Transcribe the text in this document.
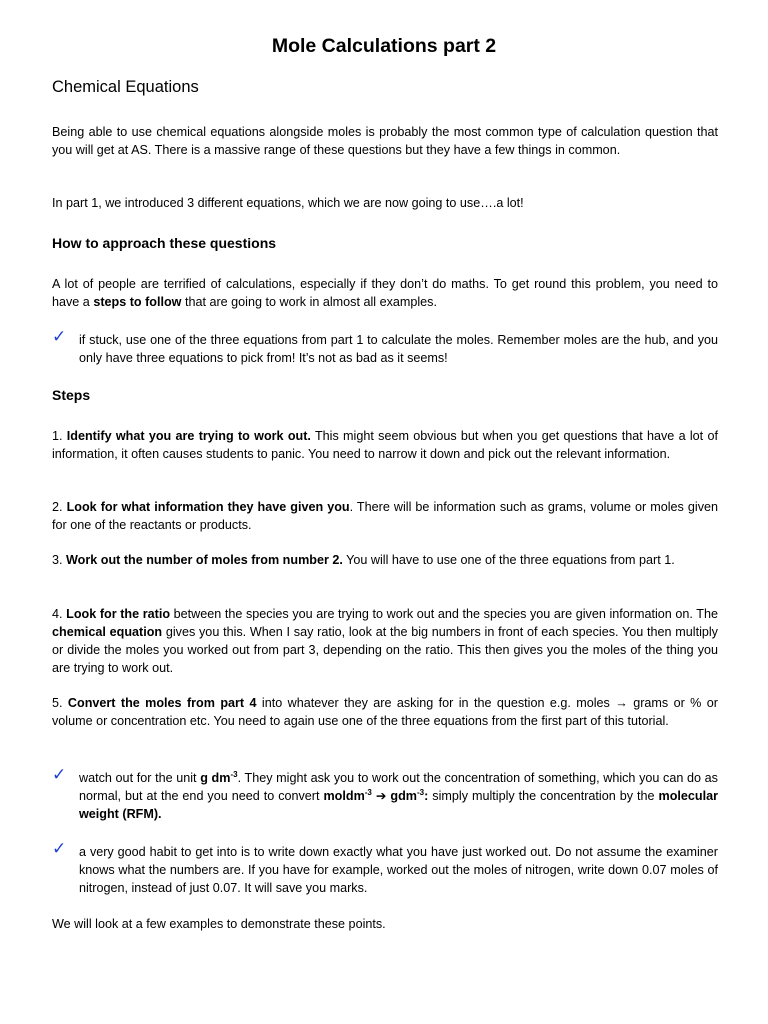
Mole Calculations part 2
Chemical Equations

Being able to use chemical equations alongside moles is probably the most common type of calculation question that you will get at AS. There is a massive range of these questions but they have a few things in common.

In part 1, we introduced 3 different equations, which we are now going to use….a lot!

How to approach these questions

A lot of people are terrified of calculations, especially if they don’t do maths. To get round this problem, you need to have a steps to follow that are going to work in almost all examples.

✓ if stuck, use one of the three equations from part 1 to calculate the moles. Remember moles are the hub, and you only have three equations to pick from! It’s not as bad as it seems!

Steps

1. Identify what you are trying to work out. This might seem obvious but when you get questions that have a lot of information, it often causes students to panic. You need to narrow it down and pick out the relevant information.

2. Look for what information they have given you. There will be information such as grams, volume or moles given for one of the reactants or products.

3. Work out the number of moles from number 2. You will have to use one of the three equations from part 1.

4. Look for the ratio between the species you are trying to work out and the species you are given information on. The chemical equation gives you this. When I say ratio, look at the big numbers in front of each species. You then multiply or divide the moles you worked out from part 3, depending on the ratio. This then gives you the moles of the thing you are trying to work out.

5. Convert the moles from part 4 into whatever they are asking for in the question e.g. moles → grams or % or volume or concentration etc. You need to again use one of the three equations from the first part of this tutorial.

✓ watch out for the unit g $dm^{-3}$. They might ask you to work out the concentration of something, which you can do as normal, but at the end you need to convert moldm$^{-3}$ ➔ gdm$^{-3}$: simply multiply the concentration by the molecular weight (RFM).

✓ a very good habit to get into is to write down exactly what you have just worked out. Do not assume the examiner knows what the numbers are. If you have for example, worked out the moles of nitrogen, write down 0.07 moles of nitrogen, instead of just 0.07. It will save you marks.

We will look at a few examples to demonstrate these points.
